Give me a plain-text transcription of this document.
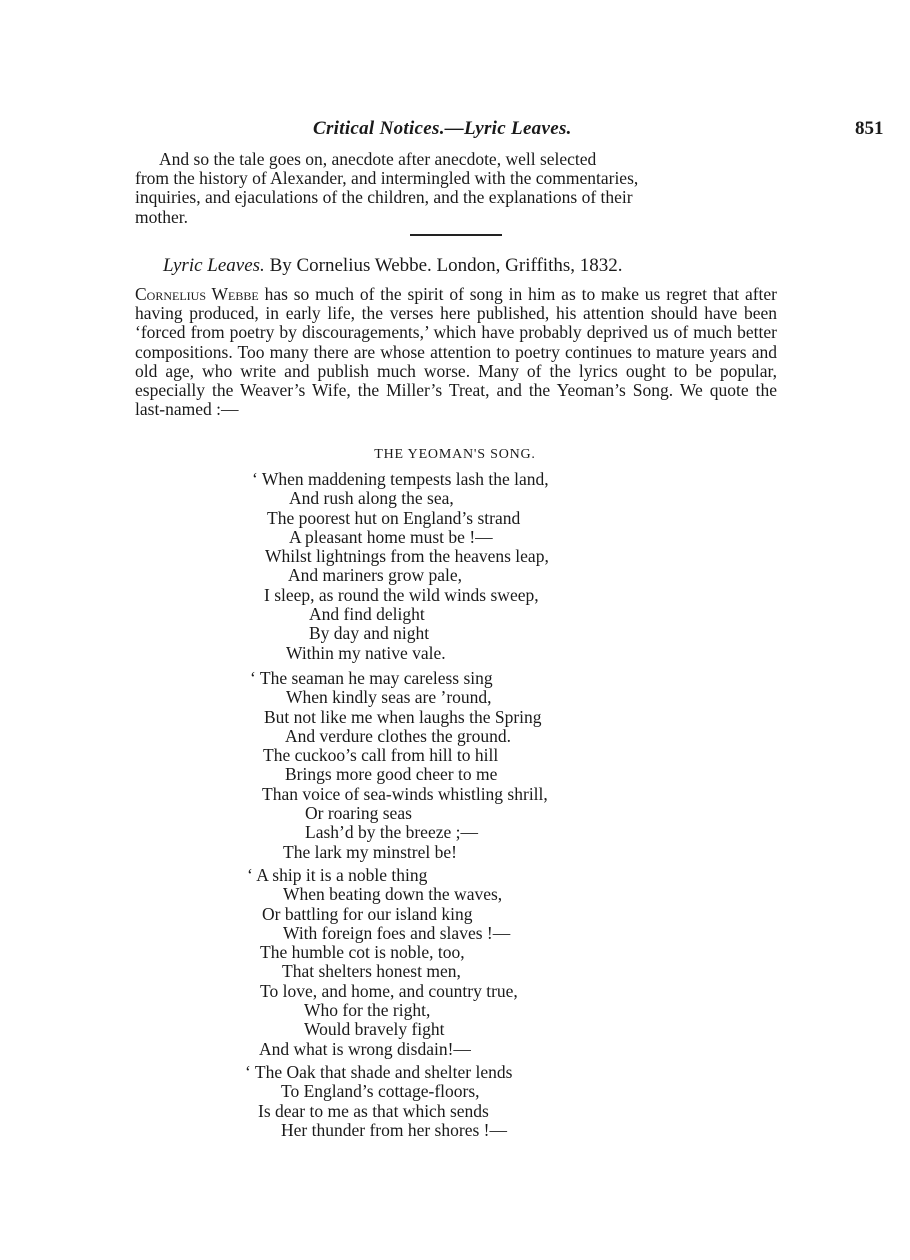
Critical Notices.—Lyric Leaves.	851
And so the tale goes on, anecdote after anecdote, well selected
from the history of Alexander, and intermingled with the commentaries,
inquiries, and ejaculations of the children, and the explanations of their
mother.
Lyric Leaves. By Cornelius Webbe. London, Griffiths, 1832.
Cornelius Webbe has so much of the spirit of song in him as to make us regret that after having produced, in early life, the verses here published, his attention should have been ‘forced from poetry by discouragements,’ which have probably deprived us of much better compositions. Too many there are whose attention to poetry continues to mature years and old age, who write and publish much worse. Many of the lyrics ought to be popular, especially the Weaver’s Wife, the Miller’s Treat, and the Yeoman’s Song. We quote the last-named :—
THE YEOMAN'S SONG.
‘ When maddening tempests lash the land,
And rush along the sea,
The poorest hut on England’s strand
A pleasant home must be !—
Whilst lightnings from the heavens leap,
And mariners grow pale,
I sleep, as round the wild winds sweep,
And find delight
By day and night
Within my native vale.
‘ The seaman he may careless sing
When kindly seas are ’round,
But not like me when laughs the Spring
And verdure clothes the ground.
The cuckoo’s call from hill to hill
Brings more good cheer to me
Than voice of sea-winds whistling shrill,
Or roaring seas
Lash’d by the breeze ;—
The lark my minstrel be!
‘ A ship it is a noble thing
When beating down the waves,
Or battling for our island king
With foreign foes and slaves !—
The humble cot is noble, too,
That shelters honest men,
To love, and home, and country true,
Who for the right,
Would bravely fight
And what is wrong disdain!—
‘ The Oak that shade and shelter lends
To England’s cottage-floors,
Is dear to me as that which sends
Her thunder from her shores !—
